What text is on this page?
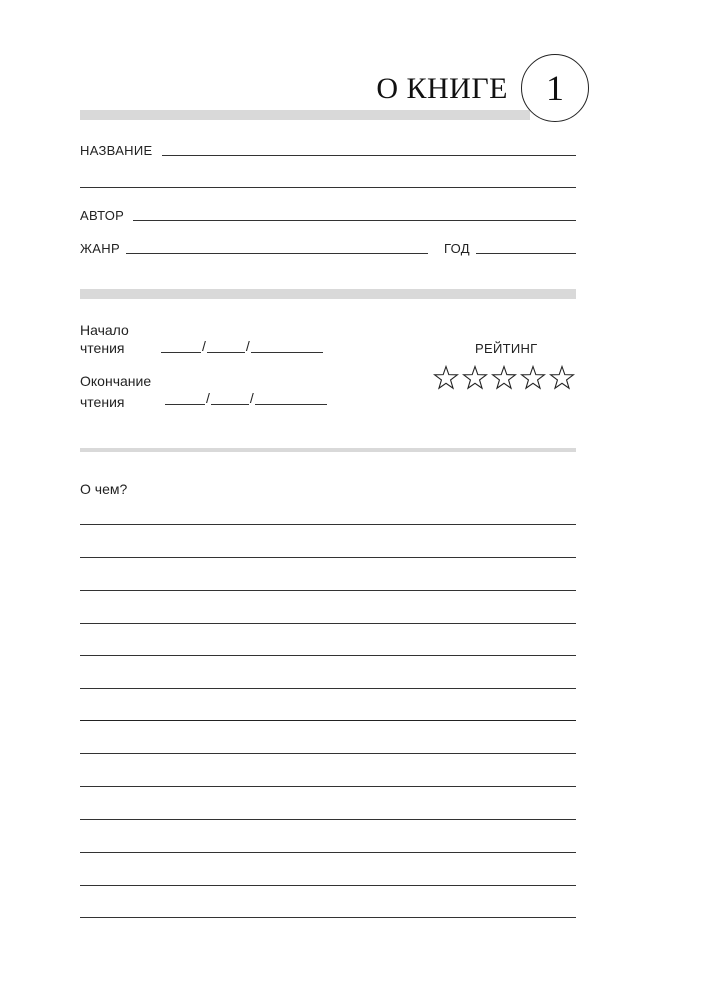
О КНИГЕ 1
НАЗВАНИЕ
АВТОР
ЖАНР	ГОД
Начало
чтения	/	/
Окончание
чтения	/	/
РЕЙТИНГ
О чем?
